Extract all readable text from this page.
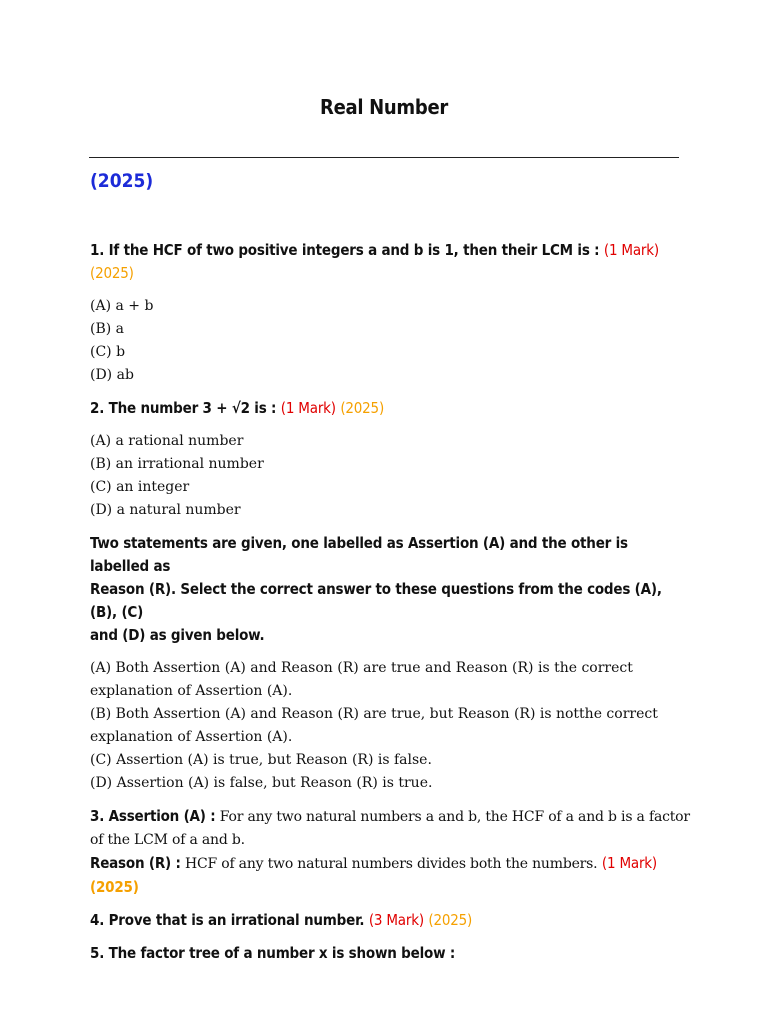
Real Number
(2025)
1. If the HCF of two positive integers a and b is 1, then their LCM is : (1 Mark) (2025)
(A) a + b
(B) a
(C) b
(D) ab
2. The number 3 + √2 is : (1 Mark) (2025)
(A) a rational number
(B) an irrational number
(C) an integer
(D) a natural number
Two statements are given, one labelled as Assertion (A) and the other is labelled as
Reason (R). Select the correct answer to these questions from the codes (A), (B), (C)
and (D) as given below.
(A) Both Assertion (A) and Reason (R) are true and Reason (R) is the correct
explanation of Assertion (A).
(B) Both Assertion (A) and Reason (R) are true, but Reason (R) is notthe correct
explanation of Assertion (A).
(C) Assertion (A) is true, but Reason (R) is false.
(D) Assertion (A) is false, but Reason (R) is true.
3. Assertion (A) : For any two natural numbers a and b, the HCF of a and b is a factor
of the LCM of a and b.
Reason (R) : HCF of any two natural numbers divides both the numbers. (1 Mark)
(2025)
4. Prove that is an irrational number. (3 Mark) (2025)
5. The factor tree of a number x is shown below :
